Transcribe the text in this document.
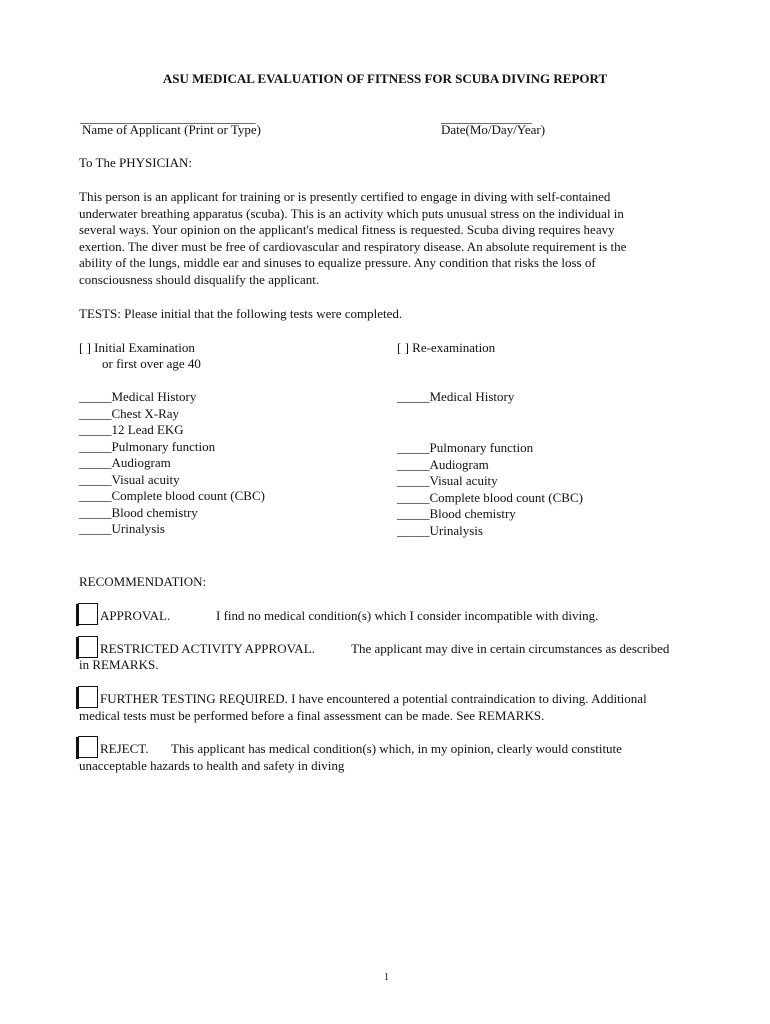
ASU MEDICAL EVALUATION OF FITNESS FOR SCUBA DIVING REPORT
___________________________
Name of Applicant (Print or Type)
______________
Date(Mo/Day/Year)
To The PHYSICIAN:
This person is an applicant for training or is presently certified to engage in diving with self-contained
underwater breathing apparatus (scuba). This is an activity which puts unusual stress on the individual in
several ways. Your opinion on the applicant's medical fitness is requested. Scuba diving requires heavy
exertion. The diver must be free of cardiovascular and respiratory disease. An absolute requirement is the
ability of the lungs, middle ear and sinuses to equalize pressure. Any condition that risks the loss of
consciousness should disqualify the applicant.
TESTS: Please initial that the following tests were completed.
[ ] Initial Examination
or first over age 40
_____Medical History
_____Chest X-Ray
_____12 Lead EKG
_____Pulmonary function
_____Audiogram
_____Visual acuity
_____Complete blood count (CBC)
_____Blood chemistry
_____Urinalysis
[ ] Re-examination
_____Medical History
_____Pulmonary function
_____Audiogram
_____Visual acuity
_____Complete blood count (CBC)
_____Blood chemistry
_____Urinalysis
RECOMMENDATION:
APPROVAL.	I find no medical condition(s) which I consider incompatible with diving.
RESTRICTED ACTIVITY APPROVAL.	The applicant may dive in certain circumstances as described
in REMARKS.
FURTHER TESTING REQUIRED. I have encountered a potential contraindication to diving. Additional
medical tests must be performed before a final assessment can be made. See REMARKS.
REJECT. This applicant has medical condition(s) which, in my opinion, clearly would constitute
unacceptable hazards to health and safety in diving
1
